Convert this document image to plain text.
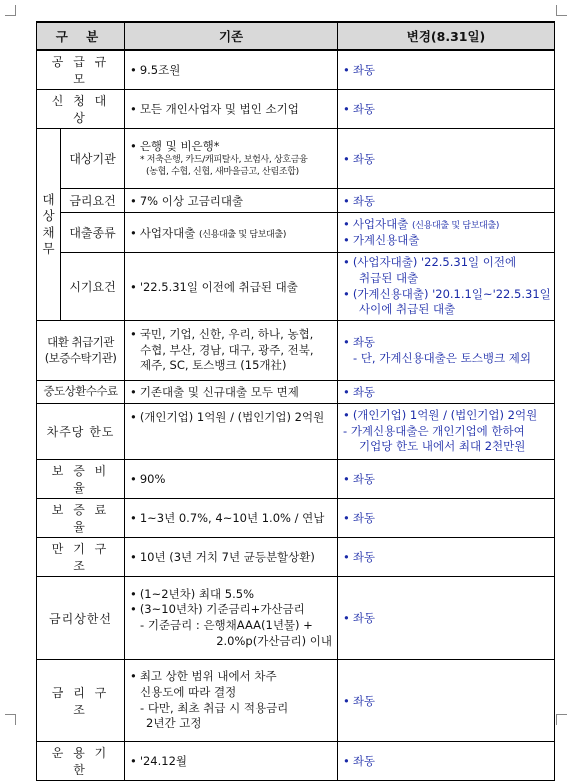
구 분		기존	변경(8.31일)
공 급 규 모		• 9.5조원	• 좌동
신 청 대 상		• 모든 개인사업자 및 법인 소기업	• 좌동
대상채무	대상기관	• 은행 및 비은행*
* 저축은행, 카드/캐피탈사, 보험사, 상호금융
(농협, 수협, 신협, 새마을금고, 산림조합)	• 좌동
	금리요건	• 7% 이상 고금리대출	• 좌동
	대출종류	• 사업자대출 (신용대출 및 담보대출)	• 사업자대출 (신용대출 및 담보대출)
• 가계신용대출

	시기요건	• '22.5.31일 이전에 취급된 대출	• (사업자대출) '22.5.31일 이전에
취급된 대출
• (가계신용대출) '20.1.1일~'22.5.31일
사이에 취급된 대출

대환 취급기관
(보증수탁기관)		• 국민, 기업, 신한, 우리, 하나, 농협,
수협, 부산, 경남, 대구, 광주, 전북,
제주, SC, 토스뱅크 (15개社)	• 좌동
- 단, 가계신용대출은 토스뱅크 제외

중도상환수수료		• 기존대출 및 신규대출 모두 면제	• 좌동
차주당 한도		• (개인기업) 1억원 / (법인기업) 2억원	• (개인기업) 1억원 / (법인기업) 2억원
- 가계신용대출은 개인기업에 한하여
기업당 한도 내에서 최대 2천만원

보 증 비 율		• 90%	• 좌동
보 증 료 율		• 1~3년 0.7%, 4~10년 1.0% / 연납	• 좌동
만 기 구 조		• 10년 (3년 거치 7년 균등분할상환)	• 좌동
금리상한선		• (1~2년차) 최대 5.5%
• (3~10년차) 기준금리+가산금리
- 기준금리 : 은행채AAA(1년물) +
2.0%p(가산금리) 이내	• 좌동
금 리 구 조		• 최고 상한 범위 내에서 차주
신용도에 따라 결정
- 다만, 최초 취급 시 적용금리
2년간 고정	• 좌동
운 용 기 한		• '24.12월	• 좌동
